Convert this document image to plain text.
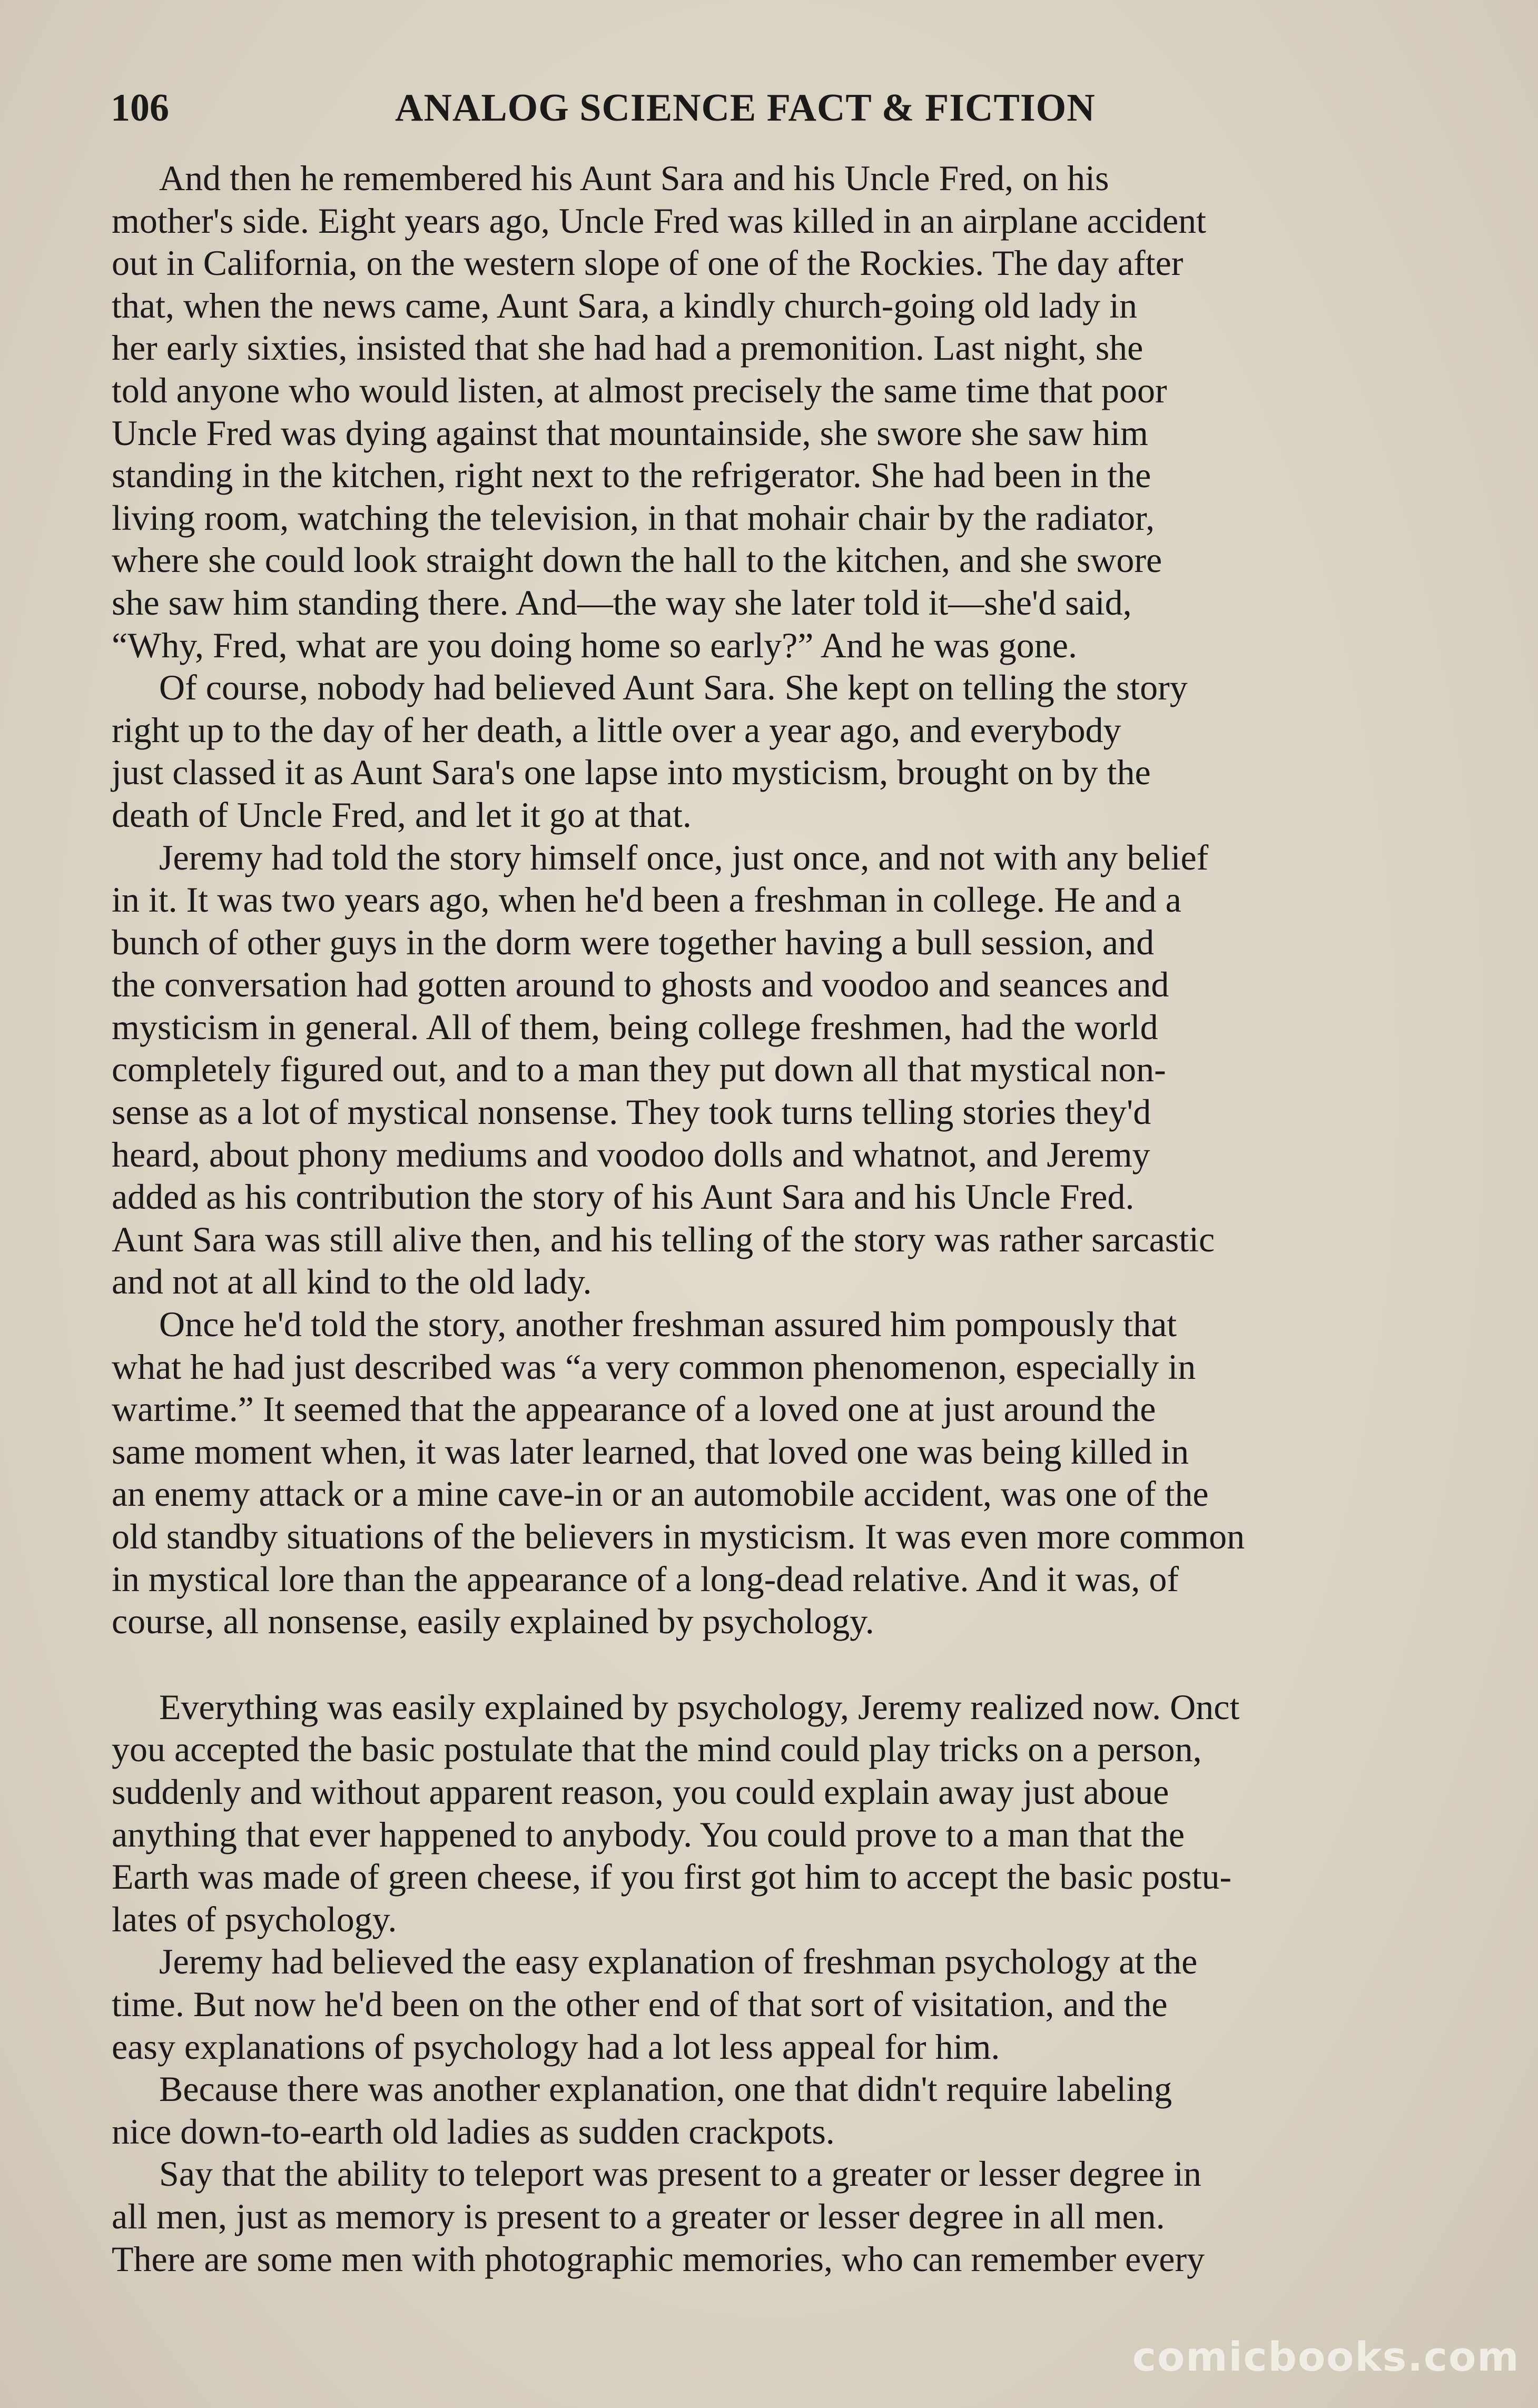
106	ANALOG SCIENCE FACT & FICTION

And then he remembered his Aunt Sara and his Uncle Fred, on his
mother's side. Eight years ago, Uncle Fred was killed in an airplane accident
out in California, on the western slope of one of the Rockies. The day after
that, when the news came, Aunt Sara, a kindly church-going old lady in
her early sixties, insisted that she had had a premonition. Last night, she
told anyone who would listen, at almost precisely the same time that poor
Uncle Fred was dying against that mountainside, she swore she saw him
standing in the kitchen, right next to the refrigerator. She had been in the
living room, watching the television, in that mohair chair by the radiator,
where she could look straight down the hall to the kitchen, and she swore
she saw him standing there. And—the way she later told it—she'd said,
“Why, Fred, what are you doing home so early?” And he was gone.

Of course, nobody had believed Aunt Sara. She kept on telling the story
right up to the day of her death, a little over a year ago, and everybody
just classed it as Aunt Sara's one lapse into mysticism, brought on by the
death of Uncle Fred, and let it go at that.

Jeremy had told the story himself once, just once, and not with any belief
in it. It was two years ago, when he'd been a freshman in college. He and a
bunch of other guys in the dorm were together having a bull session, and
the conversation had gotten around to ghosts and voodoo and seances and
mysticism in general. All of them, being college freshmen, had the world
completely figured out, and to a man they put down all that mystical non-
sense as a lot of mystical nonsense. They took turns telling stories they'd
heard, about phony mediums and voodoo dolls and whatnot, and Jeremy
added as his contribution the story of his Aunt Sara and his Uncle Fred.
Aunt Sara was still alive then, and his telling of the story was rather sarcastic
and not at all kind to the old lady.

Once he'd told the story, another freshman assured him pompously that
what he had just described was “a very common phenomenon, especially in
wartime.” It seemed that the appearance of a loved one at just around the
same moment when, it was later learned, that loved one was being killed in
an enemy attack or a mine cave-in or an automobile accident, was one of the
old standby situations of the believers in mysticism. It was even more common
in mystical lore than the appearance of a long-dead relative. And it was, of
course, all nonsense, easily explained by psychology.

Everything was easily explained by psychology, Jeremy realized now. Onct
you accepted the basic postulate that the mind could play tricks on a person,
suddenly and without apparent reason, you could explain away just aboue
anything that ever happened to anybody. You could prove to a man that the
Earth was made of green cheese, if you first got him to accept the basic postu-
lates of psychology.

Jeremy had believed the easy explanation of freshman psychology at the
time. But now he'd been on the other end of that sort of visitation, and the
easy explanations of psychology had a lot less appeal for him.

Because there was another explanation, one that didn't require labeling
nice down-to-earth old ladies as sudden crackpots.

Say that the ability to teleport was present to a greater or lesser degree in
all men, just as memory is present to a greater or lesser degree in all men.
There are some men with photographic memories, who can remember every

comicbooks.com
